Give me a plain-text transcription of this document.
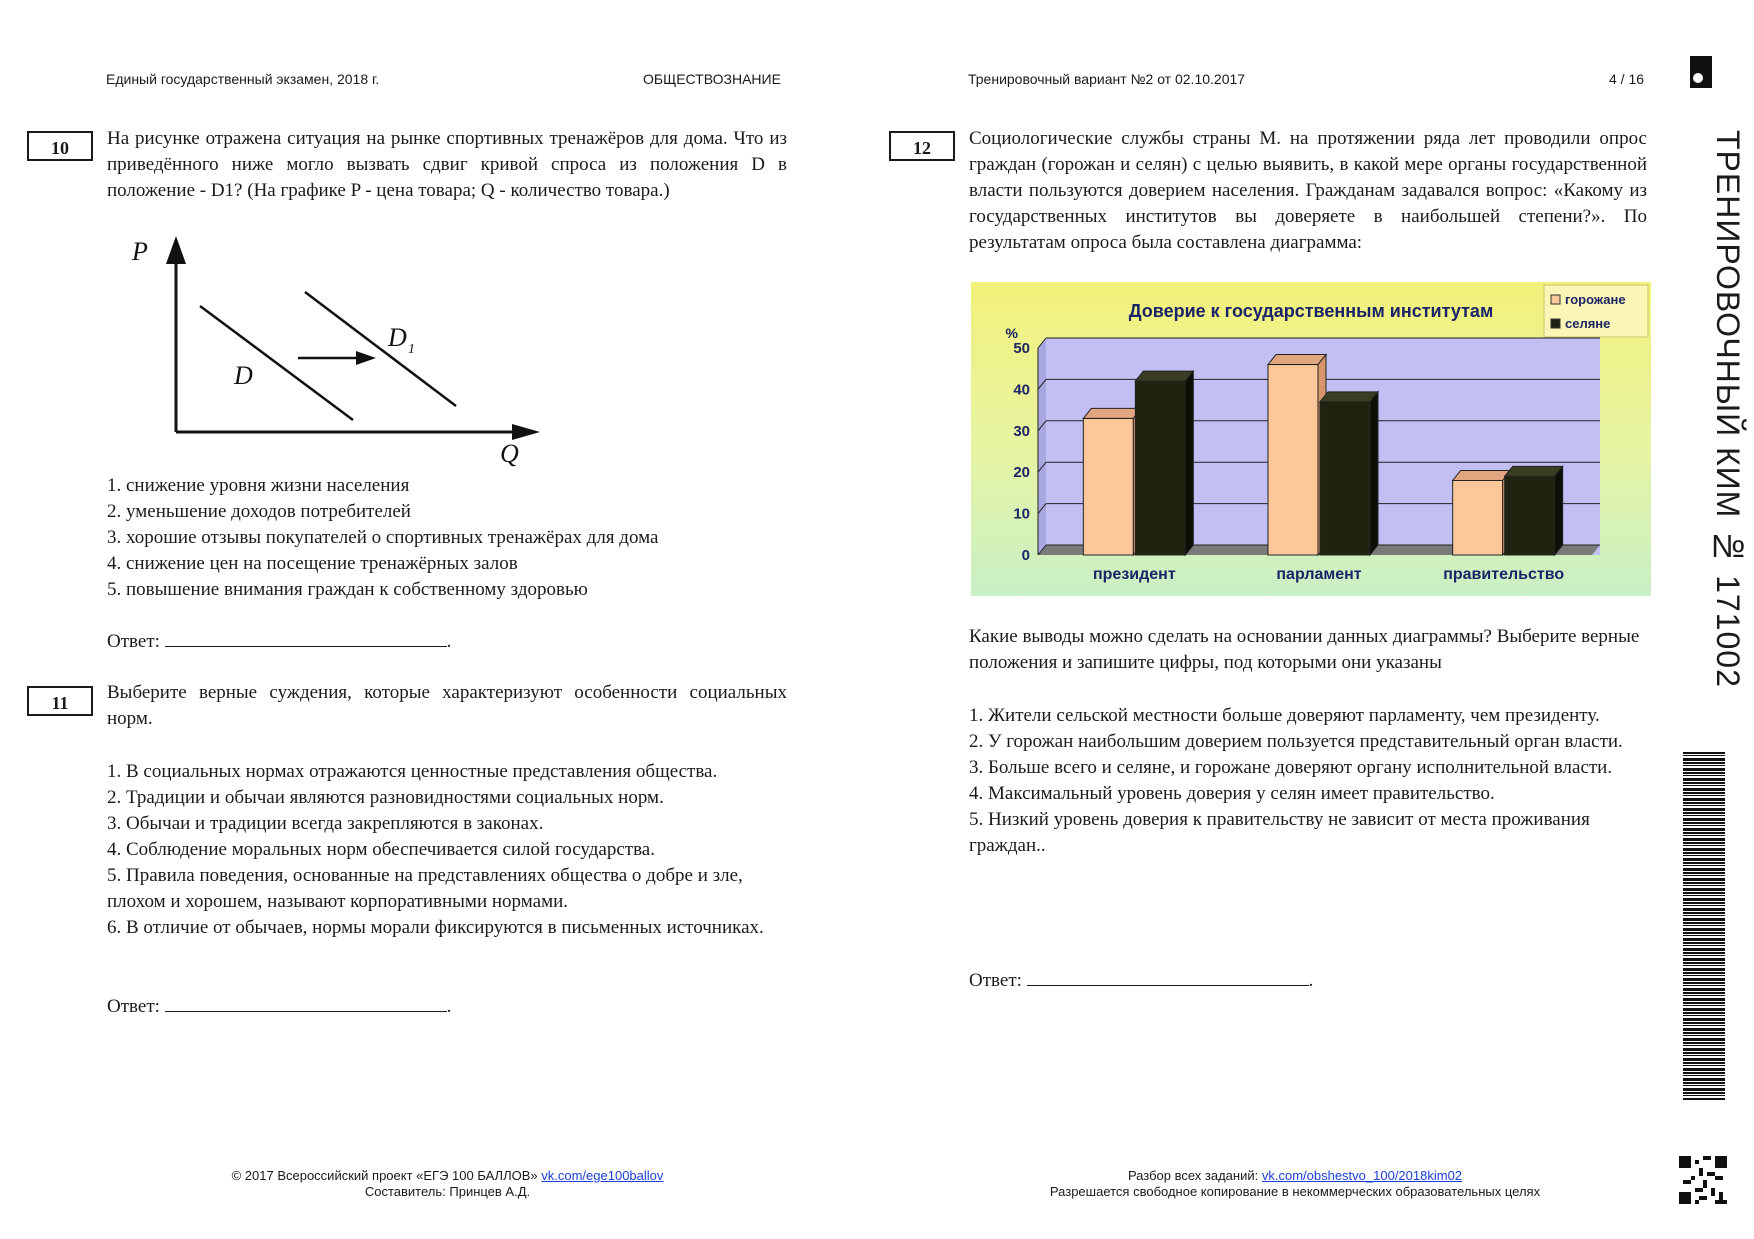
Единый государственный экзамен, 2018 г.	ОБЩЕСТВОЗНАНИЕ	Тренировочный вариант №2 от 02.10.2017	4 / 16
10	На рисунке отражена ситуация на рынке спортивных тренажёров для дома. Что из приведённого ниже могло вызвать сдвиг кривой спроса из положения D в положение - D1? (На графике P - цена товара; Q - количество товара.)
P
Q
D
D 1
1. снижение уровня жизни населения
2. уменьшение доходов потребителей
3. хорошие отзывы покупателей о спортивных тренажёрах для дома
4. снижение цен на посещение тренажёрных залов
5. повышение внимания граждан к собственному здоровью
Ответ:	.
11	Выберите верные суждения, которые характеризуют особенности социальных норм.
1. В социальных нормах отражаются ценностные представления общества.
2. Традиции и обычаи являются разновидностями социальных норм.
3. Обычаи и традиции всегда закрепляются в законах.
4. Соблюдение моральных норм обеспечивается силой государства.
5. Правила поведения, основанные на представлениях общества о добре и зле, плохом и хорошем, называют корпоративными нормами.
6. В отличие от обычаев, нормы морали фиксируются в письменных источниках.
Ответ:	.
12	Социологические службы страны М. на протяжении ряда лет проводили опрос граждан (горожан и селян) с целью выявить, в какой мере органы государственной власти пользуются доверием населения. Гражданам задавался вопрос: «Какому из государственных институтов вы доверяете в наибольшей степени?». По результатам опроса была составлена диаграмма:
0
10
20
30
40
50
президент	парламент	правительство
Доверие к государственным институтам
%
горожане
селяне
Какие выводы можно сделать на основании данных диаграммы? Выберите верные положения и запишите цифры, под которыми они указаны
1. Жители сельской местности больше доверяют парламенту, чем президенту.
2. У горожан наибольшим доверием пользуется представительный орган власти.
3. Больше всего и селяне, и горожане доверяют органу исполнительной власти.
4. Максимальный уровень доверия у селян имеет правительство.
5. Низкий уровень доверия к правительству не зависит от места проживания граждан..
Ответ:	.
ТРЕНИРОВОЧНЫЙ КИМ № 171002
© 2017 Всероссийский проект «ЕГЭ 100 БАЛЛОВ» vk.com/ege100ballov
Составитель: Принцев А.Д.
Разбор всех заданий: vk.com/obshestvo_100/2018kim02
Разрешается свободное копирование в некоммерческих образовательных целях
